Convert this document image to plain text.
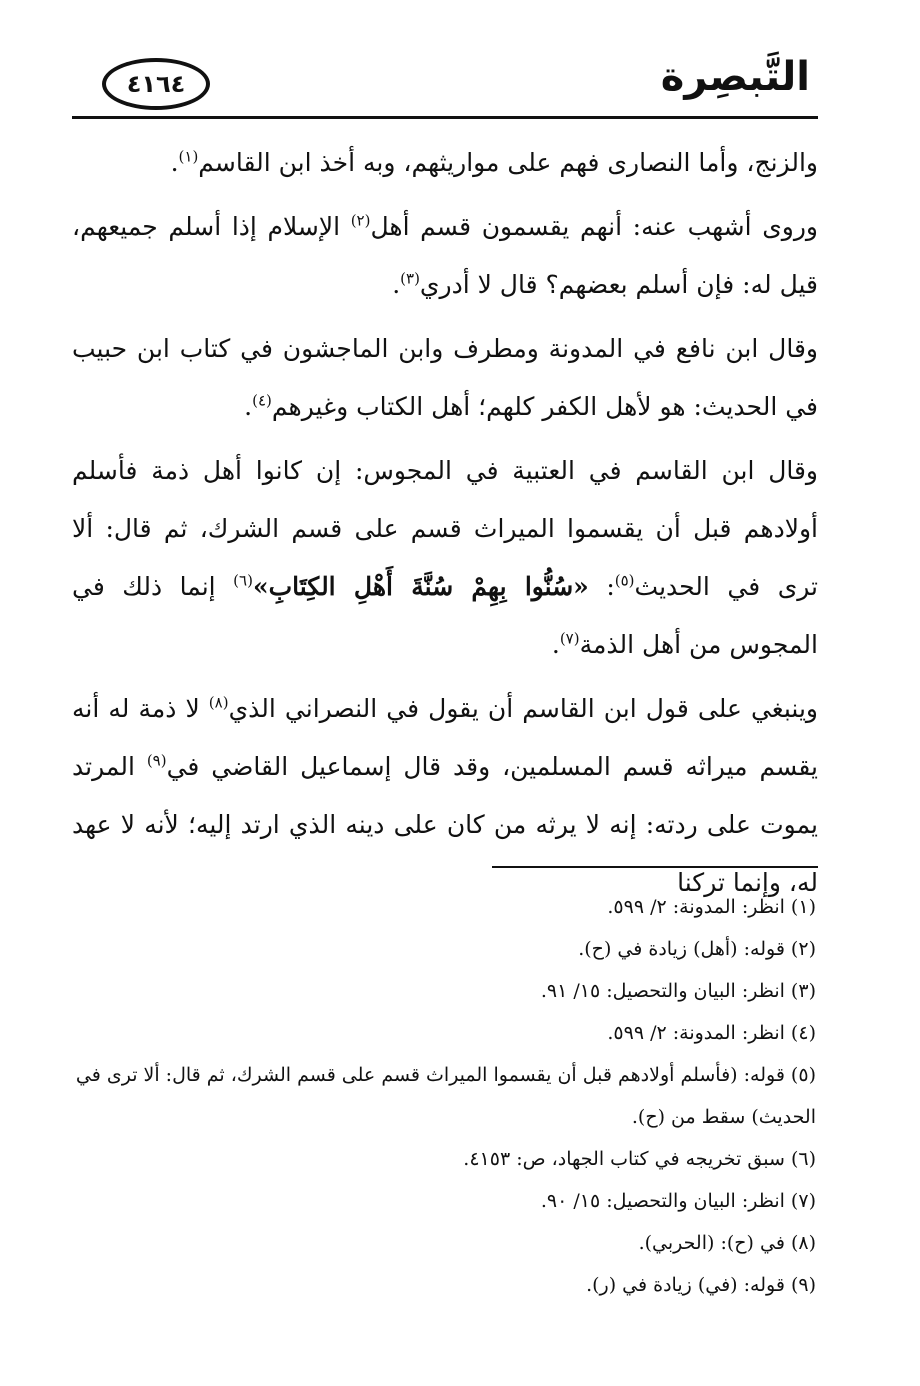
التَّبصِرة
٤١٦٤

والزنج، وأما النصارى فهم على مواريثهم، وبه أخذ ابن القاسم$^{(١)}$.

وروى أشهب عنه: أنهم يقسمون قسم أهل$^{(٢)}$ الإسلام إذا أسلم جميعهم، قيل له: فإن أسلم بعضهم؟ قال لا أدري$^{(٣)}$.

وقال ابن نافع في المدونة ومطرف وابن الماجشون في كتاب ابن حبيب في الحديث: هو لأهل الكفر كلهم؛ أهل الكتاب وغيرهم$^{(٤)}$.

وقال ابن القاسم في العتبية في المجوس: إن كانوا أهل ذمة فأسلم أولادهم قبل أن يقسموا الميراث قسم على قسم الشرك، ثم قال: ألا ترى في الحديث$^{(٥)}$: «سُنُّوا بِهِمْ سُنَّةَ أَهْلِ الكِتَابِ»$^{(٦)}$ إنما ذلك في المجوس من أهل الذمة$^{(٧)}$.

وينبغي على قول ابن القاسم أن يقول في النصراني الذي$^{(٨)}$ لا ذمة له أنه يقسم ميراثه قسم المسلمين، وقد قال إسماعيل القاضي في$^{(٩)}$ المرتد يموت على ردته: إنه لا يرثه من كان على دينه الذي ارتد إليه؛ لأنه لا عهد له، وإنما تركنا

(١) انظر: المدونة: ٢/ ٥٩٩.

(٢) قوله: (أهل) زيادة في (ح).

(٣) انظر: البيان والتحصيل: ١٥/ ٩١.

(٤) انظر: المدونة: ٢/ ٥٩٩.

(٥) قوله: (فأسلم أولادهم قبل أن يقسموا الميراث قسم على قسم الشرك، ثم قال: ألا ترى في الحديث) سقط من (ح).

(٦) سبق تخريجه في كتاب الجهاد، ص: ٤١٥٣.

(٧) انظر: البيان والتحصيل: ١٥/ ٩٠.

(٨) في (ح): (الحربي).

(٩) قوله: (في) زيادة في (ر).
